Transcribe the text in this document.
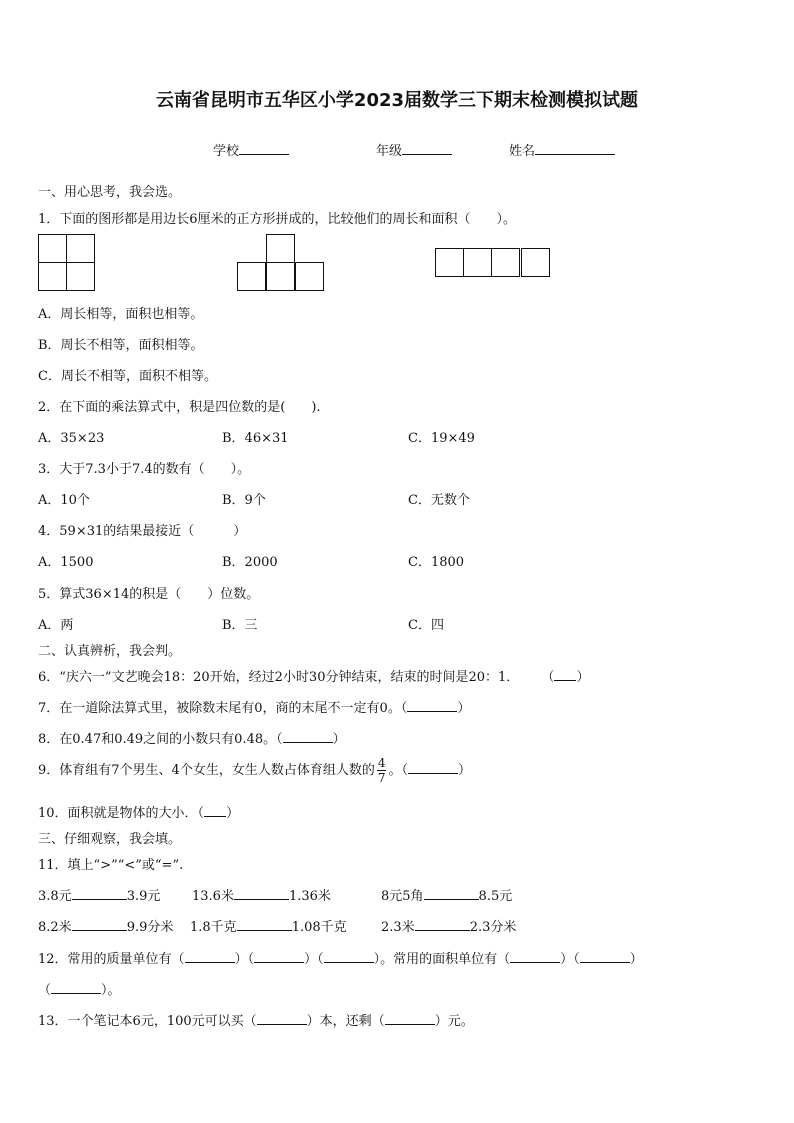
云南省昆明市五华区小学2023届数学三下期末检测模拟试题
学校	年级	姓名
一、用心思考，我会选。
1．下面的图形都是用边长6厘米的正方形拼成的，比较他们的周长和面积（　　）。
A．周长相等，面积也相等。
B．周长不相等，面积相等。
C．周长不相等，面积不相等。
2．在下面的乘法算式中，积是四位数的是(　　).
A．35×23	B．46×31	C．19×49
3．大于7.3小于7.4的数有（　　）。
A．10个	B．9个	C．无数个
4．59×31的结果最接近（　　　）
A．1500	B．2000	C．1800
5．算式36×14的积是（　　）位数。
A．两	B．三	C．四
二、认真辨析，我会判。
6．“庆六一”文艺晚会18：20开始，经过2小时30分钟结束，结束的时间是20：1． （ ）
7．在一道除法算式里，被除数末尾有0，商的末尾不一定有0。（	）
8．在0.47和0.49之间的小数只有0.48。（	）
9．体育组有7个男生、4个女生，女生人数占体育组人数的 $\frac{4}{7}$ 。（	）
10．面积就是物体的大小．（ ）
三、仔细观察，我会填。
11．填上“>”“<”或“=”.
3.8元	3.9元 13.6米	1.36米	8元5角	8.5元
8.2米	9.9分米 1.8千克	1.08千克	2.3米	2.3分米
12．常用的质量单位有（	）（	）（	）。常用的面积单位有（	）（	）
（	）。
13．一个笔记本6元，100元可以买（	）本，还剩（	）元。
